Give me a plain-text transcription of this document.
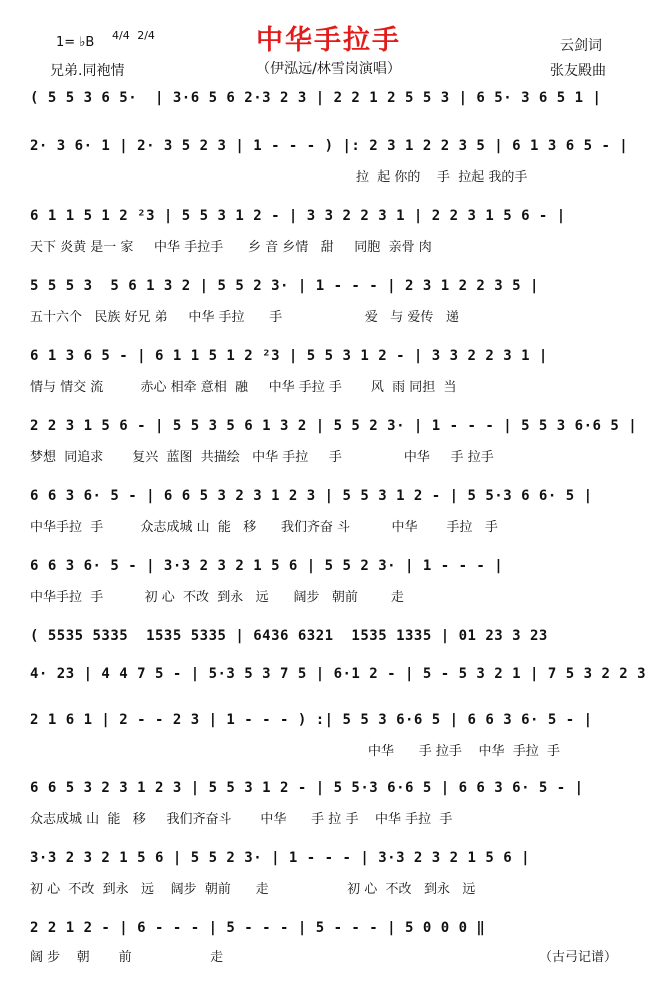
中华手拉手
（伊泓远/林雪岗演唱）
1= ♭B 4/4 2/4
兄弟.同袍情
云剑词
张友殿曲
( 5 5 3 6 5·  | 3·6 5 6 2·3 2 3 | 2 2 1 2 5 5 3 | 6 5· 3 6 5 1 |
2· 3 6· 1 | 2· 3 5 2 3 | 1 - - - ) |: 2 3 1 2 2 3 5 | 6 1 3 6 5 - |
拉  起 你的    手  拉起 我的手
6 1 1 5 1 2 ²3 | 5 5 3 1 2 - | 3 3 2 2 3 1 | 2 2 3 1 5 6 - |
天下 炎黄 是一 家     中华 手拉手      乡 音 乡情   甜     同胞  亲骨 肉
5 5 5 3  5 6 1 3 2 | 5 5 2 3· | 1 - - - | 2 3 1 2 2 3 5 |
五十六个   民族 好兄 弟     中华 手拉      手                    爱   与 爱传   递
6 1 3 6 5 - | 6 1 1 5 1 2 ²3 | 5 5 3 1 2 - | 3 3 2 2 3 1 |
情与 情交 流         赤心 相牵 意相  融     中华 手拉 手       风  雨 同担  当
2 2 3 1 5 6 - | 5 5 3 5 6 1 3 2 | 5 5 2 3· | 1 - - - | 5 5 3 6·6 5 |
梦想  同追求       复兴  蓝图  共描绘   中华 手拉     手               中华     手 拉手
6 6 3 6· 5 - | 6 6 5 3 2 3 1 2 3 | 5 5 3 1 2 - | 5 5·3 6 6· 5 |
中华手拉  手         众志成城 山  能   移      我们齐奋 斗          中华       手拉   手
6 6 3 6· 5 - | 3·3 2 3 2 1 5 6 | 5 5 2 3· | 1 - - - |
中华手拉  手          初 心  不改  到永   远      阔步   朝前        走
( 5535 5335  1535 5335 | 6436 6321  1535 1335 | 01 23 3 23
4· 23 | 4 4 7 5 - | 5·3 5 3 7 5 | 6·1 2 - | 5 - 5 3 2 1 | 7 5 3 2 2 3
2 1 6 1 | 2 - - 2 3 | 1 - - - ) :| 5 5 3 6·6 5 | 6 6 3 6· 5 - |
中华      手 拉手    中华  手拉  手
6 6 5 3 2 3 1 2 3 | 5 5 3 1 2 - | 5 5·3 6·6 5 | 6 6 3 6· 5 - |
众志成城 山  能   移     我们齐奋斗       中华      手 拉 手    中华 手拉  手
3·3 2 3 2 1 5 6 | 5 5 2 3· | 1 - - - | 3·3 2 3 2 1 5 6 |
初 心  不改  到永   远    阔步  朝前      走                   初 心  不改   到永   远
2 2 1 2 - | 6 - - - | 5 - - - | 5 - - - | 5 0 0 0 ‖
阔 步    朝       前                   走	（古弓记谱）
